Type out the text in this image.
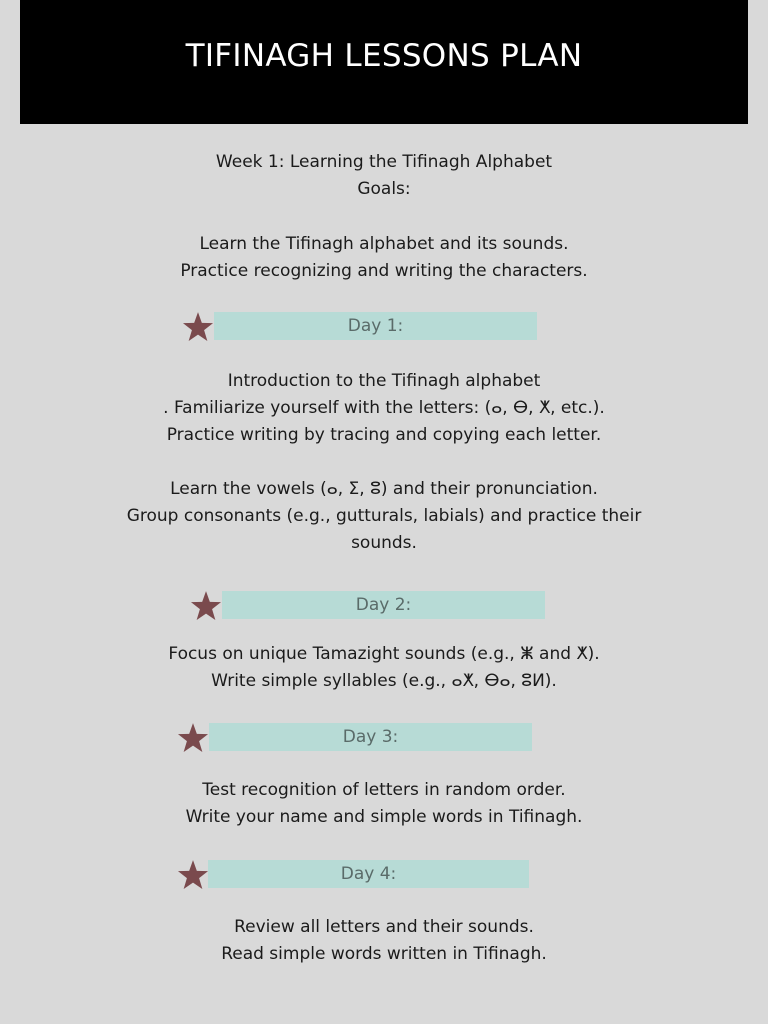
TIFINAGH LESSONS PLAN
Week 1: Learning the Tifinagh Alphabet
Goals:
Learn the Tifinagh alphabet and its sounds.
Practice recognizing and writing the characters.
Day 1:
Introduction to the Tifinagh alphabet
. Familiarize yourself with the letters: (ⴰ, ⴱ, ⵅ, etc.).
Practice writing by tracing and copying each letter.

Learn the vowels (ⴰ, ⵉ, ⵓ) and their pronunciation.
Group consonants (e.g., gutturals, labials) and practice their
sounds.
Day 2:
Focus on unique Tamazight sounds (e.g., ⵥ and ⵅ).
Write simple syllables (e.g., ⴰⵅ, ⴱⴰ, ⵓⵍ).
Day 3:
Test recognition of letters in random order.
Write your name and simple words in Tifinagh.
Day 4:
Review all letters and their sounds.
Read simple words written in Tifinagh.
